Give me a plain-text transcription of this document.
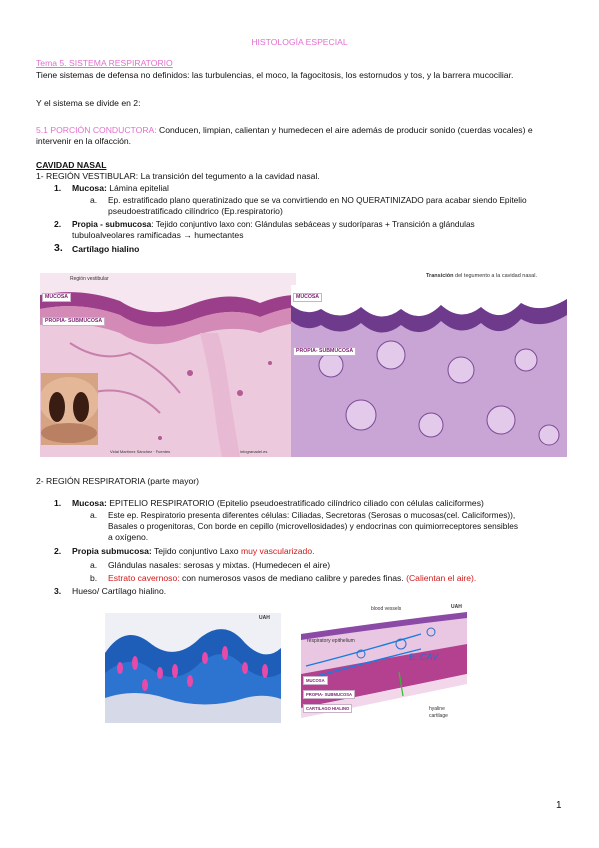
HISTOLOGÍA ESPECIAL
Tema 5. SISTEMA RESPIRATORIO
Tiene sistemas de defensa no definidos: las turbulencias, el moco, la fagocitosis, los estornudos y tos, y la barrera mucociliar.
Y el sistema se divide en 2:
5.1 PORCIÓN CONDUCTORA: Conducen, limpian, calientan y humedecen el aire además de producir sonido (cuerdas vocales) e
intervenir en la olfacción.
CAVIDAD NASAL
1- REGIÓN VESTIBULAR: La transición del tegumento a la cavidad nasal.
1. Mucosa: Lámina epitelial
a. Ep. estratificado plano queratinizado que se va convirtiendo en NO QUERATINIZADO para acabar siendo Epitelio
pseudoestratificado cilíndrico (Ep.respiratorio)
2. Propia - submucosa: Tejido conjuntivo laxo con: Glándulas sebáceas y sudoríparas + Transición a glándulas
tubuloalveolares ramificadas → humectantes
3. Cartílago hialino
Región vestibular
MUCOSA
PROPIA- SUBMUCOSA
Vidal Martínez Sánchez · Fuentes	infogranadel.es
Transición del tegumento a la cavidad nasal.
MUCOSA
PROPIA- SUBMUCOSA
2- REGIÓN RESPIRATORIA (parte mayor)
1. Mucosa: EPITELIO RESPIRATORIO (Epitelio pseudoestratificado cilíndrico ciliado con células caliciformes)
a. Este ep. Respiratorio presenta diferentes células: Ciliadas, Secretoras (Serosas o mucosas(cel. Caliciformes)),
Basales o progenitoras, Con borde en cepillo (microvellosidades) y endocrinas con quimiorreceptores sensibles
a oxígeno.
2. Propia submucosa: Tejido conjuntivo Laxo muy vascularizado.
a. Glándulas nasales: serosas y mixtas. (Humedecen el aire)
b. Estrato cavernoso: con numerosos vasos de mediano calibre y paredes finas. (Calientan el aire).
3. Hueso/ Cartílago hialino.
UAH
blood vessels	UAH
respiratory epithelium
E. CAV
MUCOSA
PROPIA- SUBMUCOSA
CARTILAGO HIALINO	hyaline
cartilage
1
